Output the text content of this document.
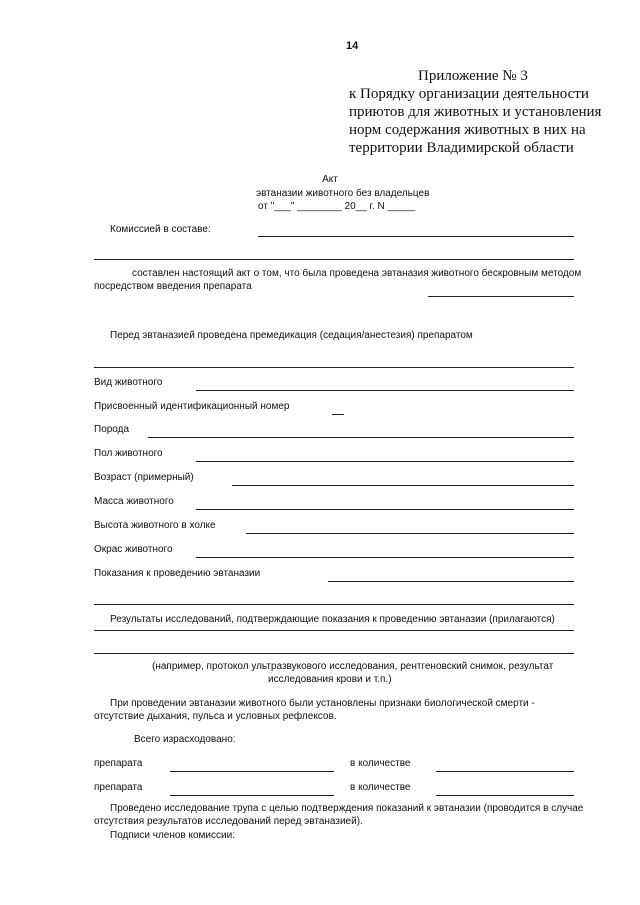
14
Приложение № 3
к Порядку организации деятельности
приютов для животных и установления
норм содержания животных в них на
территории Владимирской области
Акт
эвтаназии животного без владельцев
от "___" ________ 20__ г. N _____
Комиссией в составе:
составлен настоящий акт о том, что была проведена эвтаназия животного бескровным методом
посредством введения препарата
Перед эвтаназией проведена премедикация (седация/анестезия) препаратом
Вид животного
Присвоенный идентификационный номер
Порода
Пол животного
Возраст (примерный)
Масса животного
Высота животного в холке
Окрас животного
Показания к проведению эвтаназии
Результаты исследований, подтверждающие показания к проведению эвтаназии (прилагаются)
(например, протокол ультразвукового исследования, рентгеновский снимок, результат
исследования крови и т.п.)
При проведении эвтаназии животного были установлены признаки биологической смерти -
отсутствие дыхания, пульса и условных рефлексов.
Всего израсходовано:
препарата	в количестве
препарата	в количестве
Проведено исследование трупа с целью подтверждения показаний к эвтаназии (проводится в случае
отсутствия результатов исследований перед эвтаназией).
Подписи членов комиссии:
